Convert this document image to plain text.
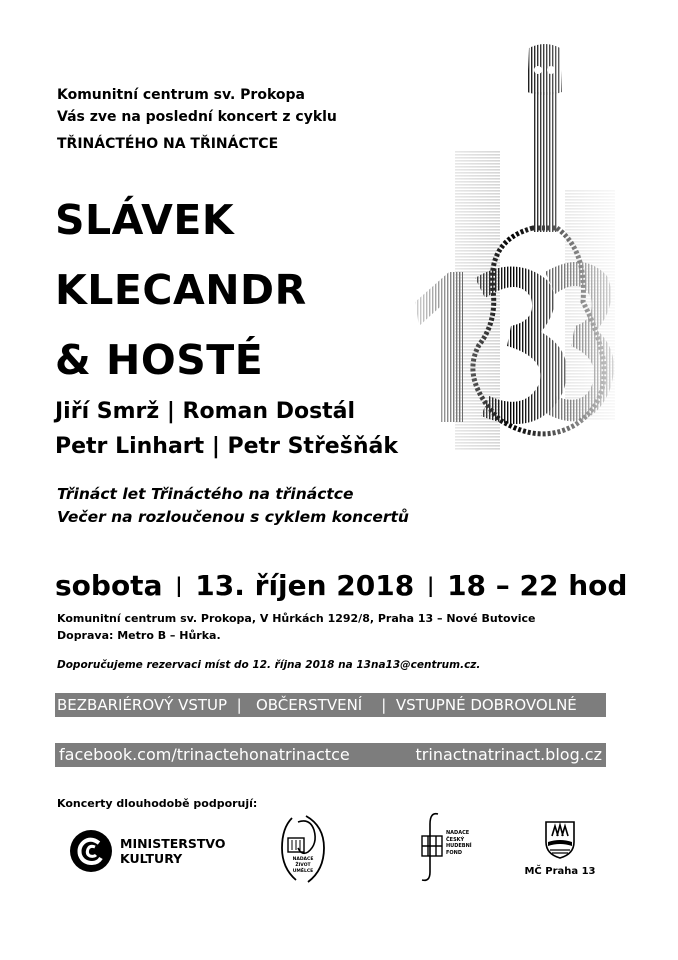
Komunitní centrum sv. Prokopa
Vás zve na poslední koncert z cyklu
TŘINÁCTÉHO NA TŘINÁCTCE
SLÁVEK
KLECANDR
& HOSTÉ
Jiří Smrž | Roman Dostál
Petr Linhart | Petr Střešňák
Třináct let Třináctého na třináctce
Večer na rozloučenou s cyklem koncertů
sobota | 13. říjen 2018 | 18 – 22 hod
Komunitní centrum sv. Prokopa, V Hůrkách 1292/8, Praha 13 – Nové Butovice
Doprava: Metro B – Hůrka.
Doporučujeme rezervaci míst do 12. října 2018 na 13na13@centrum.cz.
BEZBARIÉROVÝ VSTUP  |   OBČERSTVENÍ    |  VSTUPNÉ DOBROVOLNÉ
facebook.com/trinactehonatrinactce	trinactnatrinact.blog.cz
Koncerty dlouhodobě podporují:
MINISTERSTVO
KULTURY	NADACE ŽIVOT UMĚLCE
NADACE ČESKÝ HUDEBNÍ FOND
MČ Praha 13
